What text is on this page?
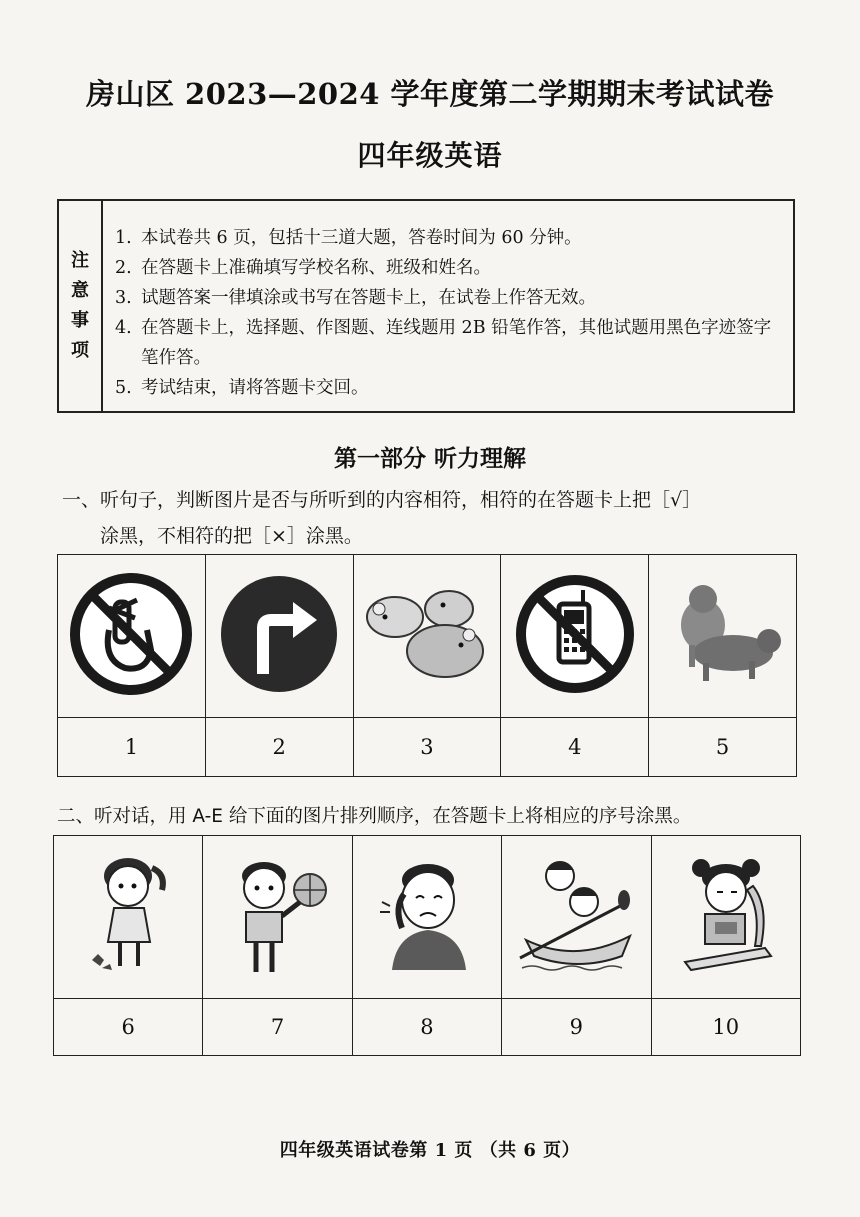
房山区 2023—2024 学年度第二学期期末考试试卷
四年级英语
注
意
事
项
1. 本试卷共 6 页，包括十三道大题，答卷时间为 60 分钟。
2. 在答题卡上准确填写学校名称、班级和姓名。
3. 试题答案一律填涂或书写在答题卡上，在试卷上作答无效。
4. 在答题卡上，选择题、作图题、连线题用 2B 铅笔作答，其他试题用黑色字迹签字笔作答。
5. 考试结束，请将答题卡交回。
第一部分 听力理解
一、听句子，判断图片是否与所听到的内容相符，相符的在答题卡上把［√］
涂黑，不相符的把［×］涂黑。

1	2	3	4	5
二、听对话，用 A-E 给下面的图片排列顺序，在答题卡上将相应的序号涂黑。

6	7	8	9	10
四年级英语试卷第 1 页 （共 6 页）
